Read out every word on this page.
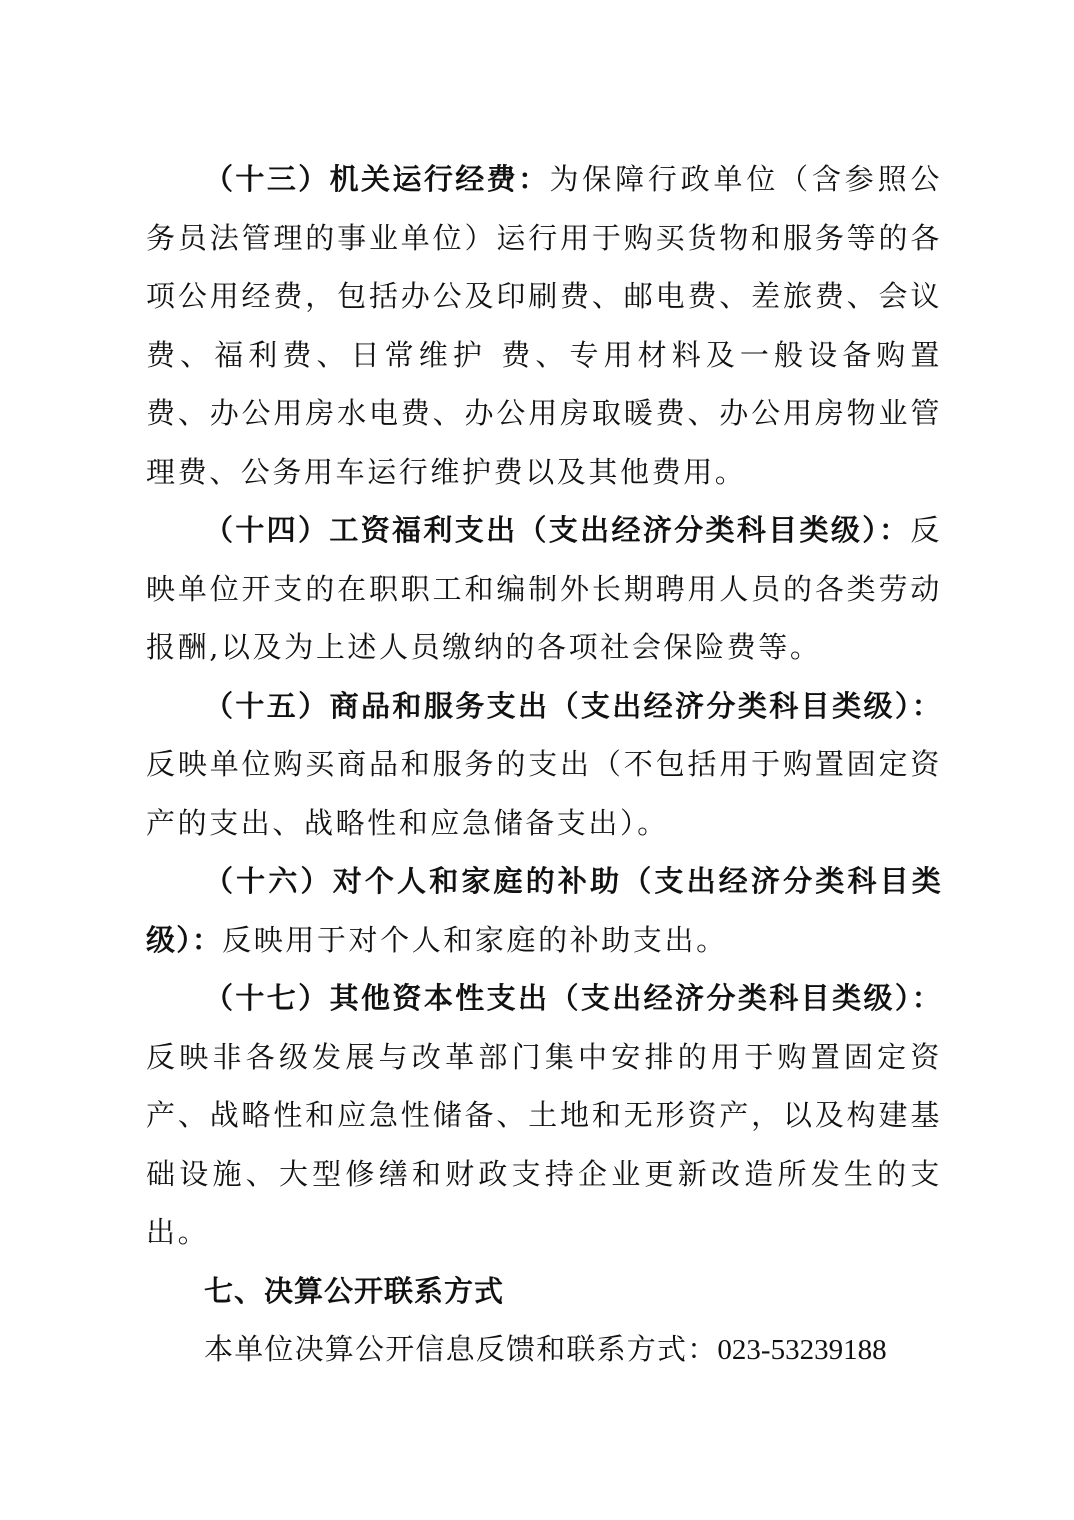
（十三）机关运行经费：为保障行政单位（含参照公务员法管理的事业单位）运行用于购买货物和服务等的各项公用经费，包括办公及印刷费、邮电费、差旅费、会议费、福利费、日常维护 费、专用材料及一般设备购置费、办公用房水电费、办公用房取暖费、办公用房物业管理费、公务用车运行维护费以及其他费用。

（十四）工资福利支出（支出经济分类科目类级）：反映单位开支的在职职工和编制外长期聘用人员的各类劳动报酬,以及为上述人员缴纳的各项社会保险费等。

（十五）商品和服务支出（支出经济分类科目类级）：反映单位购买商品和服务的支出（不包括用于购置固定资产的支出、战略性和应急储备支出）。

（十六）对个人和家庭的补助（支出经济分类科目类级）：反映用于对个人和家庭的补助支出。

（十七）其他资本性支出（支出经济分类科目类级）：反映非各级发展与改革部门集中安排的用于购置固定资产、战略性和应急性储备、土地和无形资产，以及构建基础设施、大型修缮和财政支持企业更新改造所发生的支出。

七、决算公开联系方式

本单位决算公开信息反馈和联系方式：023-53239188
